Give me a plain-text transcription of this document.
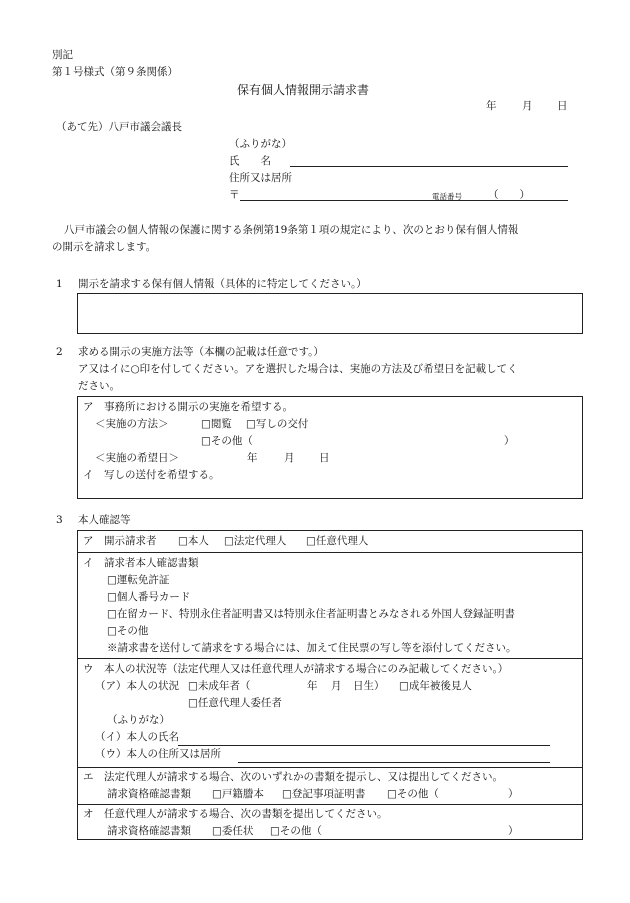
別記
第１号様式（第９条関係）
保有個人情報開示請求書
年 月 日
（あて先）八戸市議会議長
（ふりがな）
氏　　名
住所又は居所
〒	電話番号 （　　）
八戸市議会の個人情報の保護に関する条例第19条第１項の規定により、次のとおり保有個人情報
の開示を請求します。
1 開示を請求する保有個人情報（具体的に特定してください。）
2 求める開示の実施方法等（本欄の記載は任意です。）
ア又はイに○印を付してください。アを選択した場合は、実施の方法及び希望日を記載してく
ださい。
ア　事務所における開示の実施を希望する。
＜実施の方法＞	□閲覧 □写しの交付
□その他（	）
＜実施の希望日＞	年	月 日
イ　写しの送付を希望する。
3 本人確認等
ア　開示請求者 □本人 □法定代理人 □任意代理人
イ　請求者本人確認書類
□運転免許証
□個人番号カード
□在留カード、特別永住者証明書又は特別永住者証明書とみなされる外国人登録証明書
□その他
※請求書を送付して請求をする場合には、加えて住民票の写し等を添付してください。
ウ　本人の状況等（法定代理人又は任意代理人が請求する場合にのみ記載してください。）
（ア）本人の状況 □未成年者（	年 月 日生） □成年被後見人
□任意代理人委任者
（ふりがな）
（イ）本人の氏名
（ウ）本人の住所又は居所
エ　法定代理人が請求する場合、次のいずれかの書類を提示し、又は提出してください。
請求資格確認書類 □戸籍謄本 □登記事項証明書 □その他（	）
オ　任意代理人が請求する場合、次の書類を提出してください。
請求資格確認書類 □委任状 □その他（	）
